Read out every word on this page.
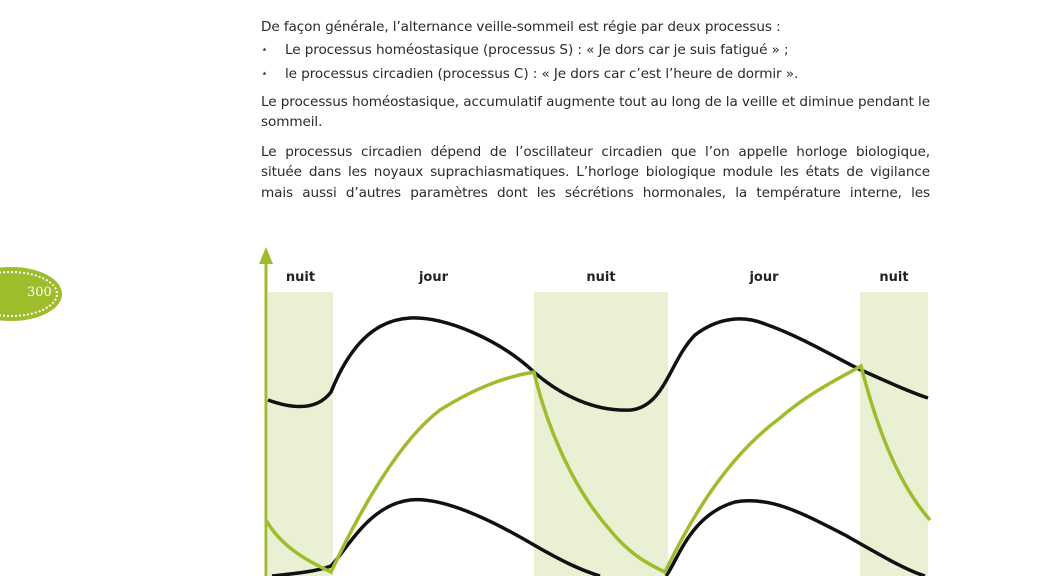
De façon générale, l’alternance veille-sommeil est régie par deux processus :

⋆ Le processus homéostasique (processus S) : « Je dors car je suis fatigué » ;
⋆ le processus circadien (processus C) : « Je dors car c’est l’heure de dormir ».

Le processus homéostasique, accumulatif augmente tout au long de la veille et diminue pendant le sommeil.

Le processus circadien dépend de l’oscillateur circadien que l’on appelle horloge biologique,
située dans les noyaux suprachiasmatiques. L’horloge biologique module les états de vigilance
mais aussi d’autres paramètres dont les sécrétions hormonales, la température interne, les

300
nuit	jour	nuit	jour	nuit
